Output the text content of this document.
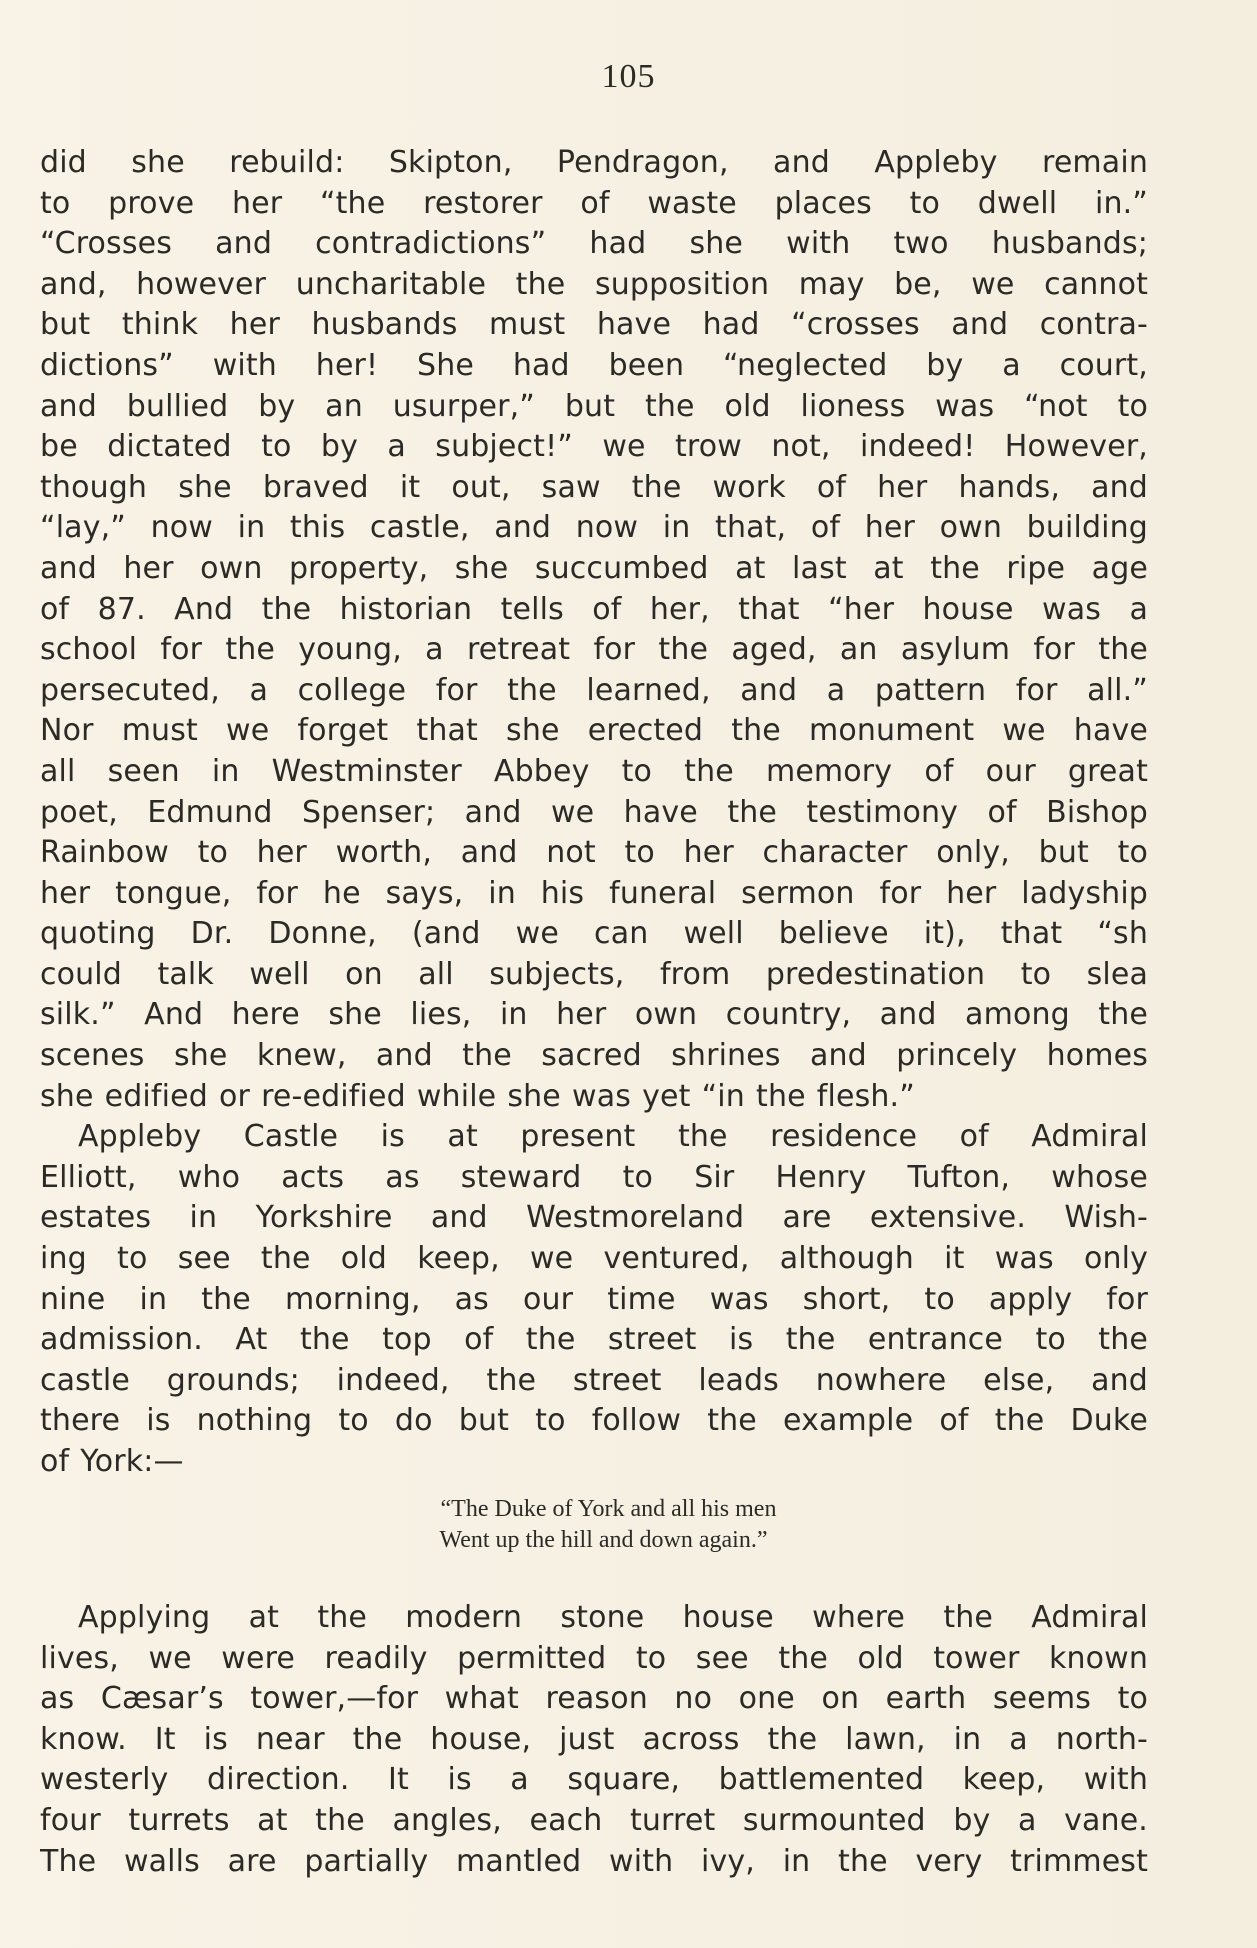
105
did she rebuild: Skipton, Pendragon, and Appleby remain
to prove her “the restorer of waste places to dwell in.”
“Crosses and contradictions” had she with two husbands;
and, however uncharitable the supposition may be, we cannot
but think her husbands must have had “crosses and contra-
dictions” with her! She had been “neglected by a court,
and bullied by an usurper,” but the old lioness was “not to
be dictated to by a subject!” we trow not, indeed! However,
though she braved it out, saw the work of her hands, and
“lay,” now in this castle, and now in that, of her own building
and her own property, she succumbed at last at the ripe age
of 87. And the historian tells of her, that “her house was a
school for the young, a retreat for the aged, an asylum for the
persecuted, a college for the learned, and a pattern for all.”
Nor must we forget that she erected the monument we have
all seen in Westminster Abbey to the memory of our great
poet, Edmund Spenser; and we have the testimony of Bishop
Rainbow to her worth, and not to her character only, but to
her tongue, for he says, in his funeral sermon for her ladyship
quoting Dr. Donne, (and we can well believe it), that “sh
could talk well on all subjects, from predestination to slea
silk.” And here she lies, in her own country, and among the
scenes she knew, and the sacred shrines and princely homes
she edified or re-edified while she was yet “in the flesh.”
Appleby Castle is at present the residence of Admiral
Elliott, who acts as steward to Sir Henry Tufton, whose
estates in Yorkshire and Westmoreland are extensive. Wish-
ing to see the old keep, we ventured, although it was only
nine in the morning, as our time was short, to apply for
admission. At the top of the street is the entrance to the
castle grounds; indeed, the street leads nowhere else, and
there is nothing to do but to follow the example of the Duke
of York:—
“The Duke of York and all his men
Went up the hill and down again.”
Applying at the modern stone house where the Admiral
lives, we were readily permitted to see the old tower known
as Cæsar’s tower,—for what reason no one on earth seems to
know. It is near the house, just across the lawn, in a north-
westerly direction. It is a square, battlemented keep, with
four turrets at the angles, each turret surmounted by a vane.
The walls are partially mantled with ivy, in the very trimmest
